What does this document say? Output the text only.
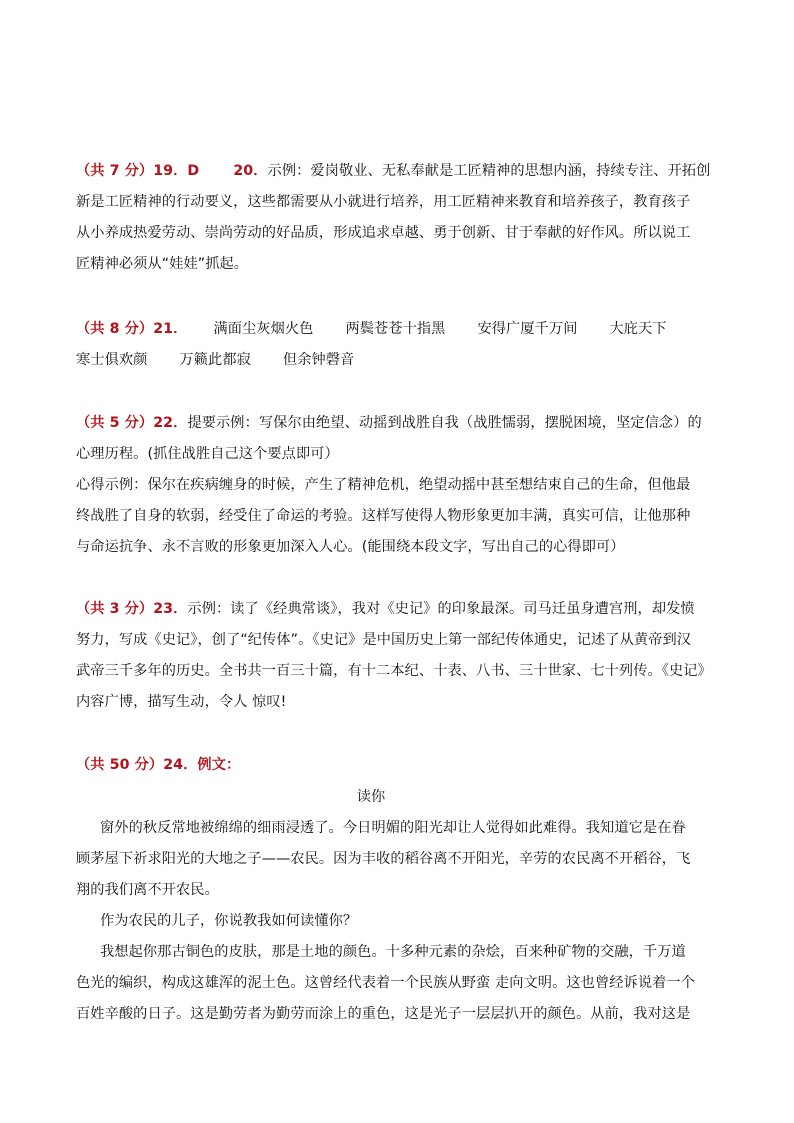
（共 7 分）19．D 20．示例：爱岗敬业、无私奉献是工匠精神的思想内涵，持续专注、开拓创
新是工匠精神的行动要义，这些都需要从小就进行培养，用工匠精神来教育和培养孩子，教育孩子
从小养成热爱劳动、崇尚劳动的好品质，形成追求卓越、勇于创新、甘于奉献的好作风。所以说工
匠精神必须从“娃娃”抓起。
（共 8 分）21． 满面尘灰烟火色 两鬓苍苍十指黑 安得广厦千万间 大庇天下
寒士俱欢颜 万籁此都寂 但余钟磬音
（共 5 分）22．提要示例：写保尔由绝望、动摇到战胜自我（战胜懦弱，摆脱困境，坚定信念）的
心理历程。(抓住战胜自己这个要点即可）
心得示例：保尔在疾病缠身的时候，产生了精神危机，绝望动摇中甚至想结束自己的生命，但他最
终战胜了自身的软弱，经受住了命运的考验。这样写使得人物形象更加丰满，真实可信，让他那种
与命运抗争、永不言败的形象更加深入人心。(能围绕本段文字，写出自己的心得即可）
（共 3 分）23．示例：读了《经典常谈》，我对《史记》的印象最深。司马迁虽身遭宫刑，却发愤
努力，写成《史记》，创了“纪传体”。《史记》是中国历史上第一部纪传体通史，记述了从黄帝到汉
武帝三千多年的历史。全书共一百三十篇，有十二本纪、十表、八书、三十世家、七十列传。《史记》
内容广博，描写生动，令人 惊叹!
（共 50 分）24．例文：
读你
窗外的秋反常地被绵绵的细雨浸透了。今日明媚的阳光却让人觉得如此难得。我知道它是在眷
顾茅屋下祈求阳光的大地之子——农民。因为丰收的稻谷离不开阳光，辛劳的农民离不开稻谷，飞
翔的我们离不开农民。
作为农民的儿子，你说教我如何读懂你？
我想起你那古铜色的皮肤，那是土地的颜色。十多种元素的杂烩，百来种矿物的交融，千万道
色光的编织，构成这雄浑的泥土色。这曾经代表着一个民族从野蛮 走向文明。这也曾经诉说着一个
百姓辛酸的日子。这是勤劳者为勤劳而涂上的重色，这是光子一层层扒开的颜色。从前，我对这是
